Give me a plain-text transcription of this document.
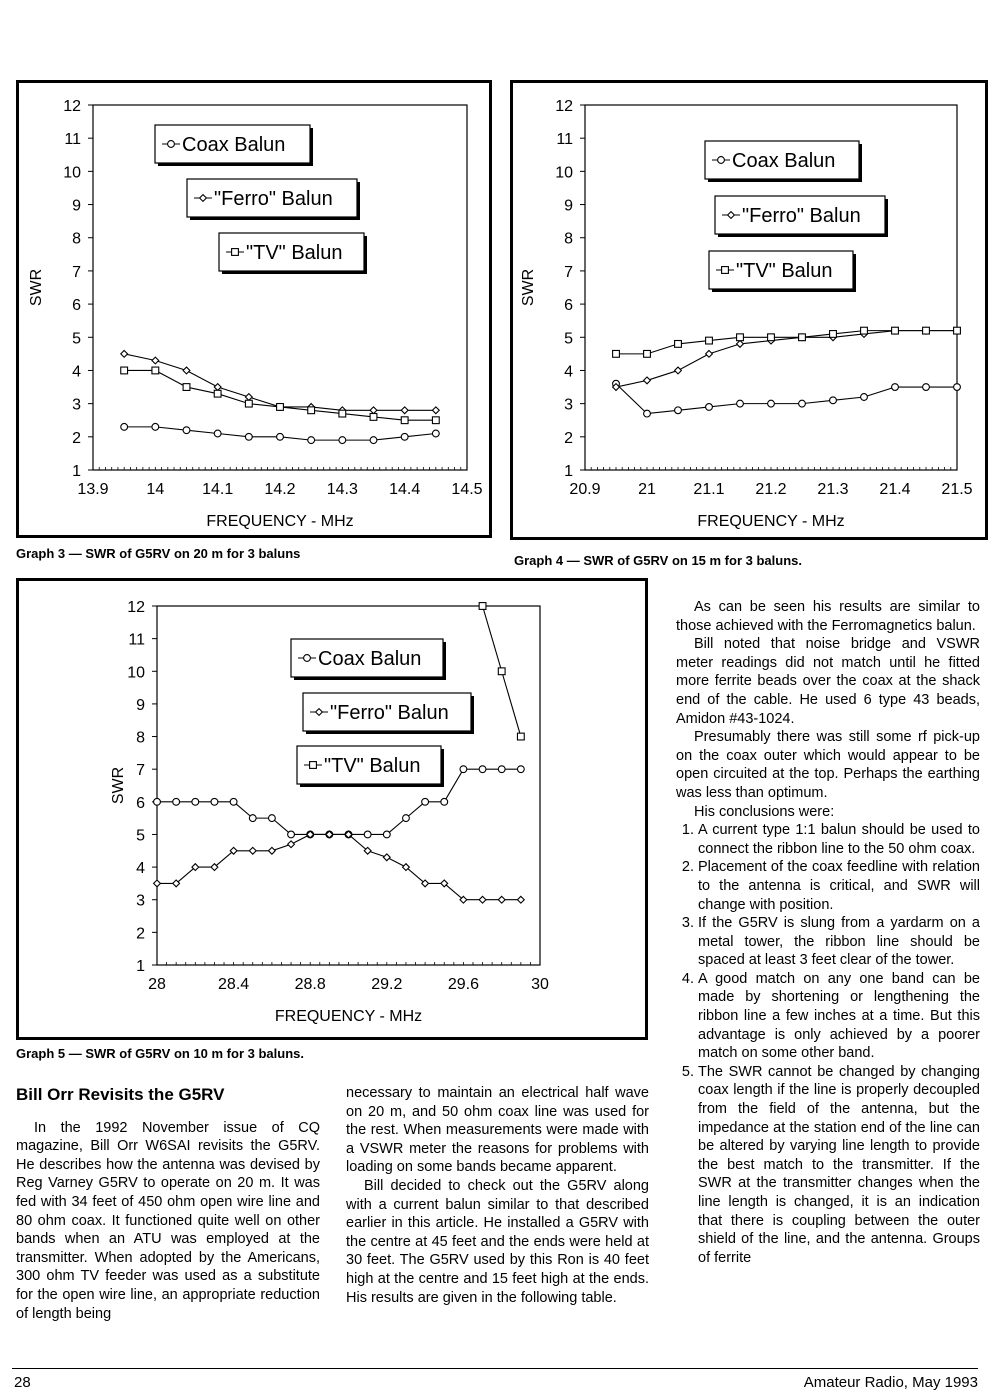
1
2
3
4
5
6
7
8
9
10
11
12
13.9 14 14.1 14.2 14.3 14.4 14.5
FREQUENCY - MHz
SWR
Coax Balun
"Ferro" Balun
"TV" Balun
Graph 3 — SWR of G5RV on 20 m for 3 baluns
1
2
3
4
5
6
7
8
9
10
11
12
20.9 21 21.1 21.2 21.3 21.4 21.5
FREQUENCY - MHz
SWR
Coax Balun
"Ferro" Balun
"TV" Balun
Graph 4 — SWR of G5RV on 15 m for 3 baluns.
1
2
3
4
5
6
7
8
9
10
11
12
28	28.4	28.8	29.2	29.6	30
FREQUENCY - MHz
SWR
Coax Balun
"Ferro" Balun
"TV" Balun
Graph 5 — SWR of G5RV on 10 m for 3 baluns.
Bill Orr Revisits the G5RV

In the 1992 November issue of CQ magazine, Bill Orr W6SAI revisits the G5RV. He describes how the antenna was devised by Reg Varney G5RV to operate on 20 m. It was fed with 34 feet of 450 ohm open wire line and 80 ohm coax. It functioned quite well on other bands when an ATU was employed at the transmitter. When adopted by the Americans, 300 ohm TV feeder was used as a substitute for the open wire line, an appropriate reduction of length being

necessary to maintain an electrical half wave on 20 m, and 50 ohm coax line was used for the rest. When measurements were made with a VSWR meter the reasons for problems with loading on some bands became apparent.

Bill decided to check out the G5RV along with a current balun similar to that described earlier in this article. He installed a G5RV with the centre at 45 feet and the ends were held at 30 feet. The G5RV used by this Ron is 40 feet high at the centre and 15 feet high at the ends. His results are given in the following table.

As can be seen his results are similar to those achieved with the Ferromagnetics balun.

Bill noted that noise bridge and VSWR meter readings did not match until he fitted more ferrite beads over the coax at the shack end of the cable. He used 6 type 43 beads, Amidon #43-1024.

Presumably there was still some rf pick-up on the coax outer which would appear to be open circuited at the top. Perhaps the earthing was less than optimum.

His conclusions were:

1. A current type 1:1 balun should be used to connect the ribbon line to the 50 ohm coax.
2. Placement of the coax feedline with relation to the antenna is critical, and SWR will change with position.
3. If the G5RV is slung from a yardarm on a metal tower, the ribbon line should be spaced at least 3 feet clear of the tower.
4. A good match on any one band can be made by shortening or lengthening the ribbon line a few inches at a time. But this advantage is only achieved by a poorer match on some other band.
5. The SWR cannot be changed by changing coax length if the line is properly decoupled from the field of the antenna, but the impedance at the station end of the line can be altered by varying line length to provide the best match to the transmitter. If the SWR at the transmitter changes when the line length is changed, it is an indication that there is coupling between the outer shield of the line, and the antenna. Groups of ferrite
28	Amateur Radio, May 1993
